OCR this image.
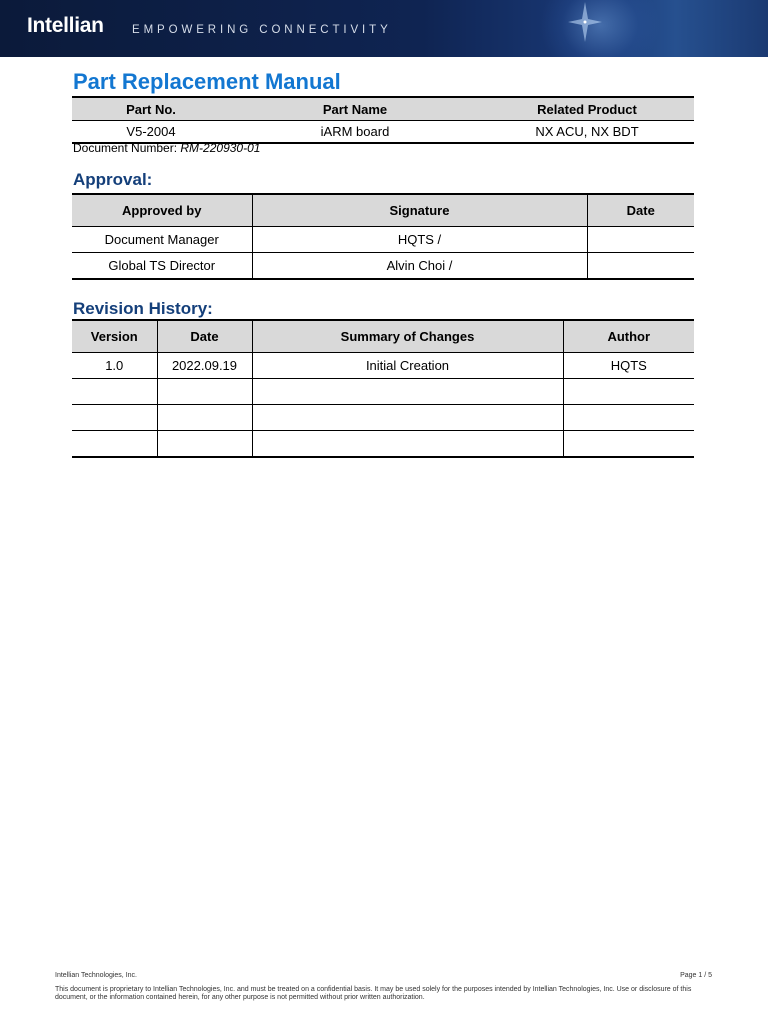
Intellian EMPOWERING CONNECTIVITY
Part Replacement Manual
Part No.	Part Name	Related Product
V5-2004	iARM board	NX ACU, NX BDT
Document Number: RM-220930-01
Approval:
Approved by	Signature	Date
Document Manager	HQTS /	
Global TS Director	Alvin Choi /	
Revision History:
Version	Date	Summary of Changes	Author
1.0	2022.09.19	Initial Creation	HQTS

Intellian Technologies, Inc.	Page 1 / 5
This document is proprietary to Intellian Technologies, Inc. and must be treated on a confidential basis. It may be used solely for the purposes intended by Intellian Technologies, Inc. Use or disclosure of this document, or the information contained herein, for any other purpose is not permitted without prior written authorization.
